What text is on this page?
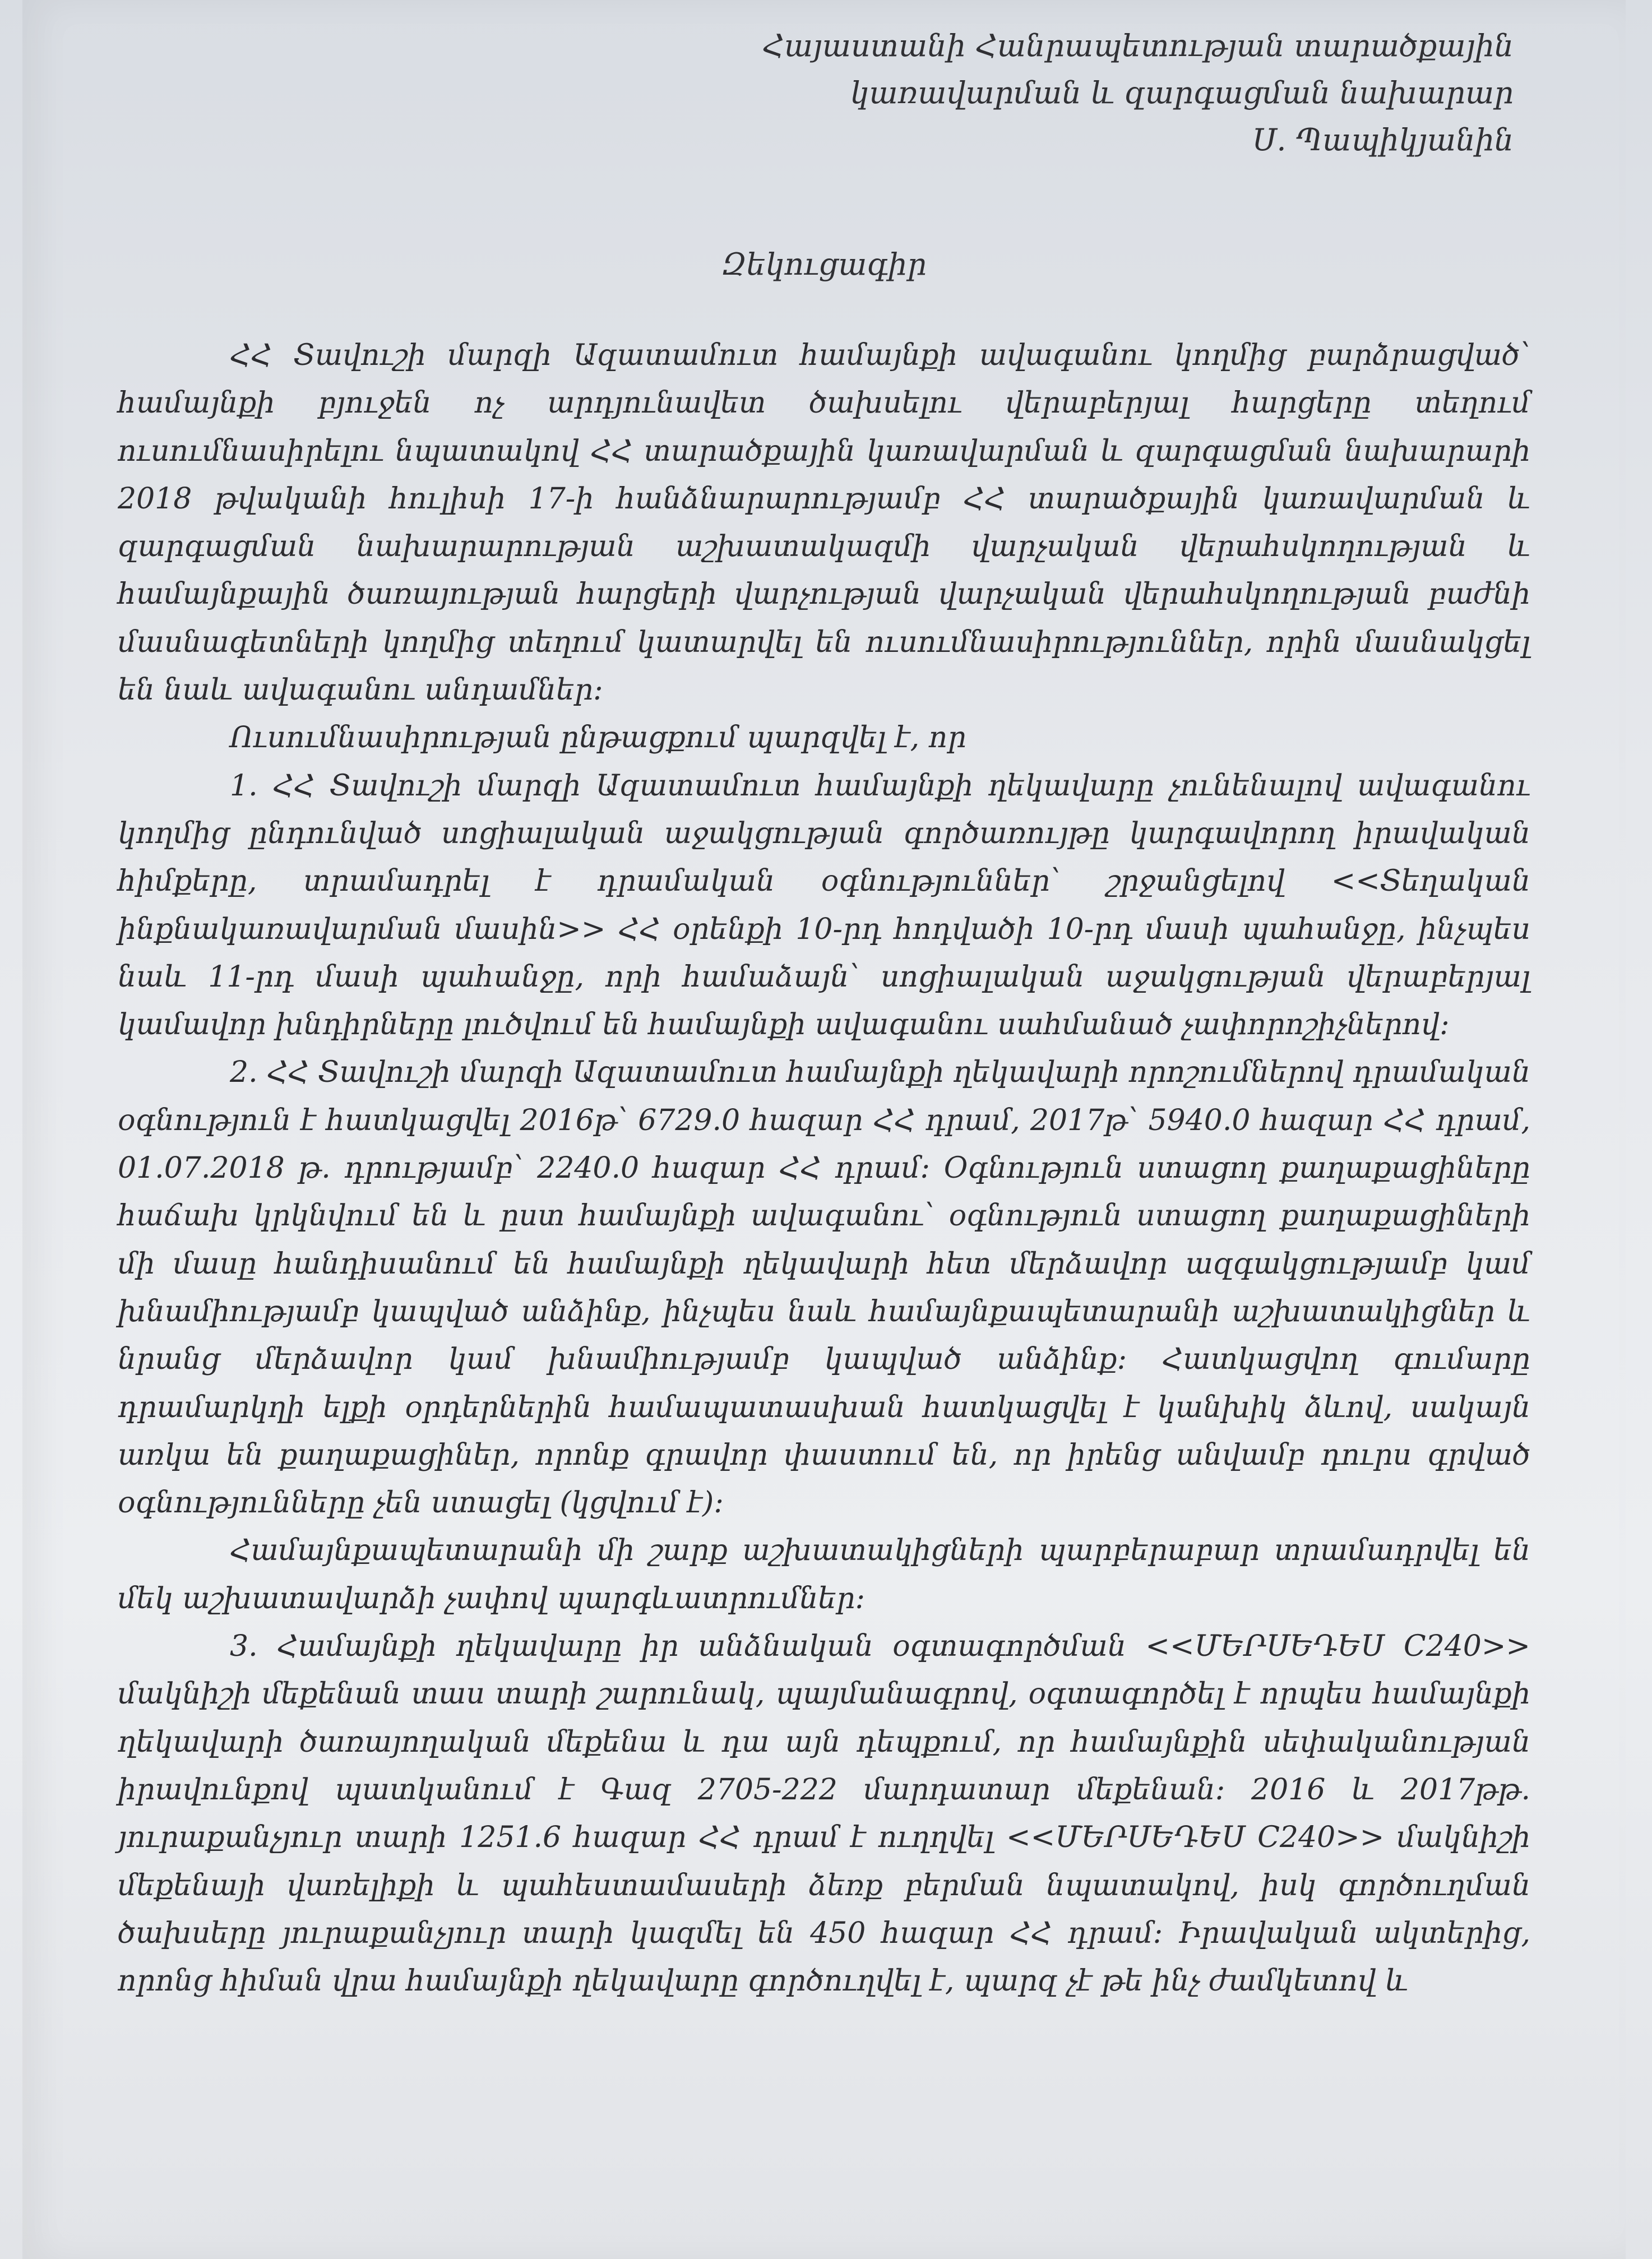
Հայաստանի Հանրապետության տարածքային
կառավարման և զարգացման նախարար
Ս. Պապիկյանին
Զեկուցագիր

ՀՀ Տավուշի մարզի Ազատամուտ համայնքի ավագանու կողմից բարձրացված՝ համայնքի բյուջեն ոչ արդյունավետ ծախսելու վերաբերյալ հարցերը տեղում ուսումնասիրելու նպատակով ՀՀ տարածքային կառավարման և զարգացման նախարարի 2018 թվականի հուլիսի 17-ի հանձնարարությամբ ՀՀ տարածքային կառավարման և զարգացման նախարարության աշխատակազմի վարչական վերահսկողության և համայնքային ծառայության հարցերի վարչության վարչական վերահսկողության բաժնի մասնագետների կողմից տեղում կատարվել են ուսումնասիրություններ, որին մասնակցել են նաև ավագանու անդամներ:

Ուսումնասիրության ընթացքում պարզվել է, որ

1. ՀՀ Տավուշի մարզի Ազատամուտ համայնքի ղեկավարը չունենալով ավագանու կողմից ընդունված սոցիալական աջակցության գործառույթը կարգավորող իրավական հիմքերը, տրամադրել է դրամական օգնություններ՝ շրջանցելով <<Տեղական ինքնակառավարման մասին>> ՀՀ օրենքի 10-րդ հոդվածի 10-րդ մասի պահանջը, ինչպես նաև 11-րդ մասի պահանջը, որի համաձայն՝ սոցիալական աջակցության վերաբերյալ կամավոր խնդիրները լուծվում են համայնքի ավագանու սահմանած չափորոշիչներով:

2. ՀՀ Տավուշի մարզի Ազատամուտ համայնքի ղեկավարի որոշումներով դրամական օգնություն է հատկացվել 2016թ՝ 6729.0 հազար ՀՀ դրամ, 2017թ՝ 5940.0 հազար ՀՀ դրամ, 01.07.2018 թ. դրությամբ՝ 2240.0 հազար ՀՀ դրամ: Օգնություն ստացող քաղաքացիները հաճախ կրկնվում են և ըստ համայնքի ավագանու՝ օգնություն ստացող քաղաքացիների մի մասը հանդիսանում են համայնքի ղեկավարի հետ մերձավոր ազգակցությամբ կամ խնամիությամբ կապված անձինք, ինչպես նաև համայնքապետարանի աշխատակիցներ և նրանց մերձավոր կամ խնամիությամբ կապված անձինք: Հատկացվող գումարը դրամարկղի ելքի օրդերներին համապատասխան հատկացվել է կանխիկ ձևով, սակայն առկա են քաղաքացիներ, որոնք գրավոր փաստում են, որ իրենց անվամբ դուրս գրված օգնությունները չեն ստացել (կցվում է):

Համայնքապետարանի մի շարք աշխատակիցների պարբերաբար տրամադրվել են մեկ աշխատավարձի չափով պարգևատրումներ:

3. Համայնքի ղեկավարը իր անձնական օգտագործման <<ՄԵՐՍԵԴԵՍ C240>> մակնիշի մեքենան տաս տարի շարունակ, պայմանագրով, օգտագործել է որպես համայնքի ղեկավարի ծառայողական մեքենա և դա այն դեպքում, որ համայնքին սեփականության իրավունքով պատկանում է Գազ 2705-222 մարդատար մեքենան: 2016 և 2017թթ. յուրաքանչյուր տարի 1251.6 հազար ՀՀ դրամ է ուղղվել <<ՄԵՐՍԵԴԵՍ C240>> մակնիշի մեքենայի վառելիքի և պահեստամասերի ձեռք բերման նպատակով, իսկ գործուղման ծախսերը յուրաքանչյուր տարի կազմել են 450 հազար ՀՀ դրամ: Իրավական ակտերից, որոնց հիման վրա համայնքի ղեկավարը գործուղվել է, պարզ չէ թե ինչ ժամկետով և
